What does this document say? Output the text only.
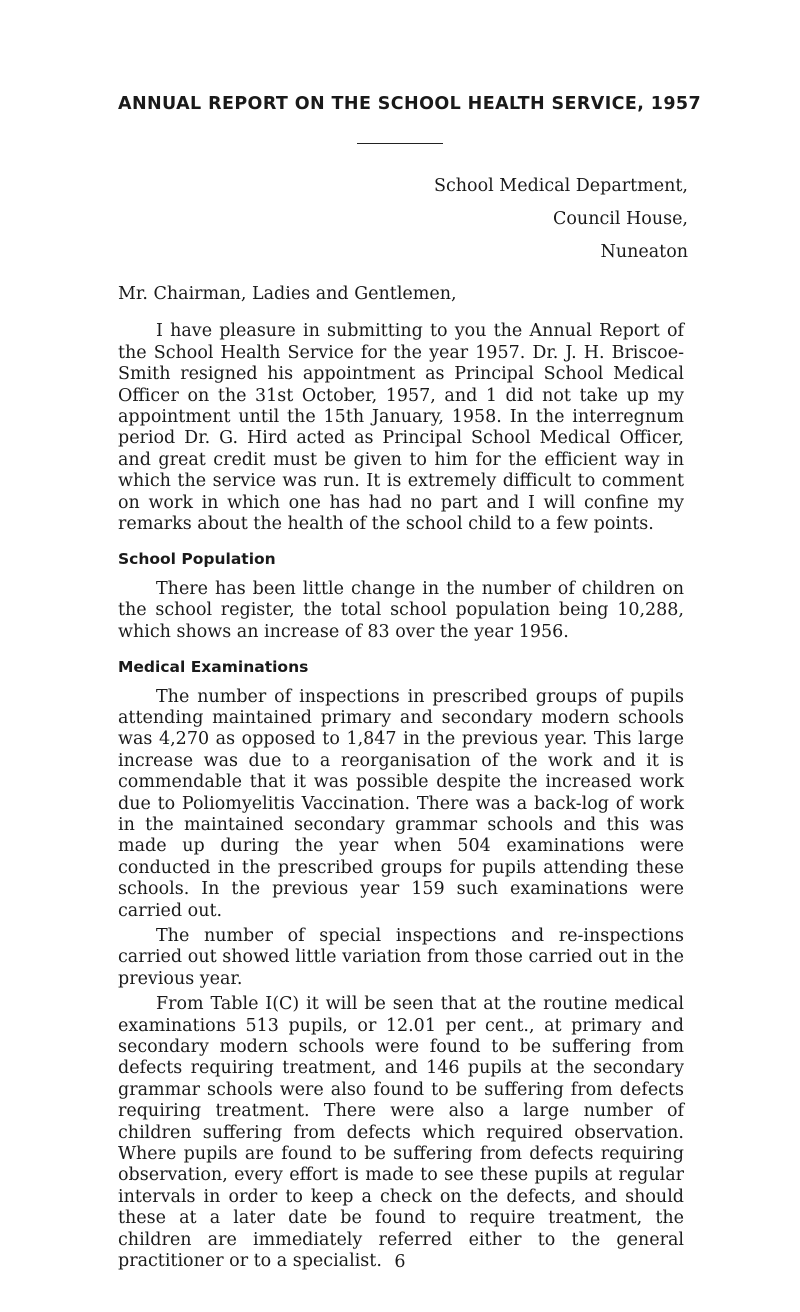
ANNUAL REPORT ON THE SCHOOL HEALTH SERVICE, 1957
School Medical Department,
Council House,
Nuneaton
Mr. Chairman, Ladies and Gentlemen,

I have pleasure in submitting to you the Annual Report of the School Health Service for the year 1957. Dr. J. H. Briscoe-Smith resigned his appointment as Principal School Medical Officer on the 31st October, 1957, and 1 did not take up my appointment until the 15th January, 1958. In the interregnum period Dr. G. Hird acted as Principal School Medical Officer, and great credit must be given to him for the efficient way in which the service was run. It is extremely difficult to comment on work in which one has had no part and I will confine my remarks about the health of the school child to a few points.

School Population

There has been little change in the number of children on the school register, the total school population being 10,288, which shows an increase of 83 over the year 1956.

Medical Examinations

The number of inspections in prescribed groups of pupils attending maintained primary and secondary modern schools was 4,270 as opposed to 1,847 in the previous year. This large increase was due to a reorganisation of the work and it is commendable that it was possible despite the increased work due to Poliomyelitis Vaccination. There was a back-log of work in the maintained secondary grammar schools and this was made up during the year when 504 examinations were conducted in the prescribed groups for pupils attending these schools. In the previous year 159 such examinations were carried out.

The number of special inspections and re-inspections carried out showed little variation from those carried out in the previous year.

From Table I(C) it will be seen that at the routine medical examinations 513 pupils, or 12.01 per cent., at primary and secondary modern schools were found to be suffering from defects requiring treatment, and 146 pupils at the secondary grammar schools were also found to be suffering from defects requiring treatment. There were also a large number of children suffering from defects which required observation. Where pupils are found to be suffering from defects requiring observation, every effort is made to see these pupils at regular intervals in order to keep a check on the defects, and should these at a later date be found to require treatment, the children are immediately referred either to the general practitioner or to a specialist. 6
